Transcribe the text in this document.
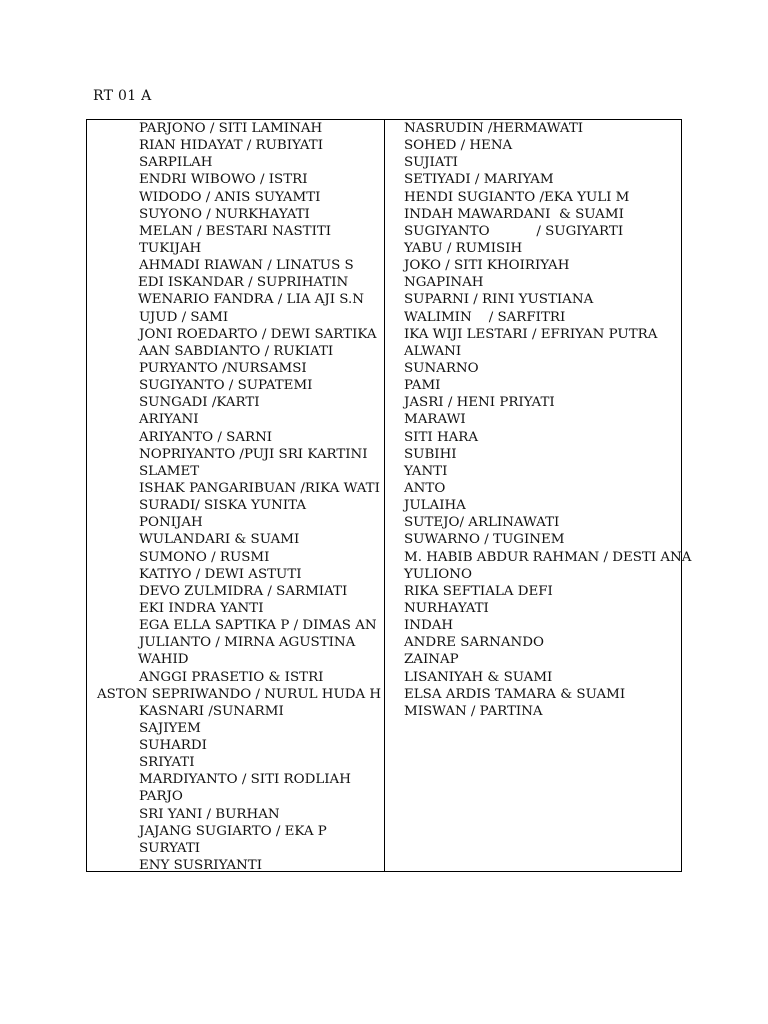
RT 01 A
PARJONO / SITI LAMINAH
RIAN HIDAYAT / RUBIYATI
SARPILAH
ENDRI WIBOWO / ISTRI
WIDODO / ANIS SUYAMTI
SUYONO / NURKHAYATI
MELAN / BESTARI NASTITI
TUKIJAH
AHMADI RIAWAN / LINATUS S
EDI ISKANDAR / SUPRIHATIN
WENARIO FANDRA / LIA AJI S.N
UJUD / SAMI
JONI ROEDARTO / DEWI SARTIKA
AAN SABDIANTO / RUKIATI
PURYANTO /NURSAMSI
SUGIYANTO / SUPATEMI
SUNGADI /KARTI
ARIYANI
ARIYANTO / SARNI
NOPRIYANTO /PUJI SRI KARTINI
SLAMET
ISHAK PANGARIBUAN /RIKA WATI
SURADI/ SISKA YUNITA
PONIJAH
WULANDARI & SUAMI
SUMONO / RUSMI
KATIYO / DEWI ASTUTI
DEVO ZULMIDRA / SARMIATI
EKI INDRA YANTI
EGA ELLA SAPTIKA P / DIMAS AN
JULIANTO / MIRNA AGUSTINA
WAHID
ANGGI PRASETIO & ISTRI
ASTON SEPRIWANDO / NURUL HUDA H
KASNARI /SUNARMI
SAJIYEM
SUHARDI
SRIYATI
MARDIYANTO / SITI RODLIAH
PARJO
SRI YANI / BURHAN
JAJANG SUGIARTO / EKA P
SURYATI
ENY SUSRIYANTI
NASRUDIN /HERMAWATI
SOHED / HENA
SUJIATI
SETIYADI / MARIYAM
HENDI SUGIANTO /EKA YULI M
INDAH MAWARDANI  & SUAMI
SUGIYANTO           / SUGIYARTI
YABU / RUMISIH
JOKO / SITI KHOIRIYAH
NGAPINAH
SUPARNI / RINI YUSTIANA
WALIMIN    / SARFITRI
IKA WIJI LESTARI / EFRIYAN PUTRA
ALWANI
SUNARNO
PAMI
JASRI / HENI PRIYATI
MARAWI
SITI HARA
SUBIHI
YANTI
ANTO
JULAIHA
SUTEJO/ ARLINAWATI
SUWARNO / TUGINEM
M. HABIB ABDUR RAHMAN / DESTI ANA
YULIONO
RIKA SEFTIALA DEFI
NURHAYATI
INDAH
ANDRE SARNANDO
ZAINAP
LISANIYAH & SUAMI
ELSA ARDIS TAMARA & SUAMI
MISWAN / PARTINA
